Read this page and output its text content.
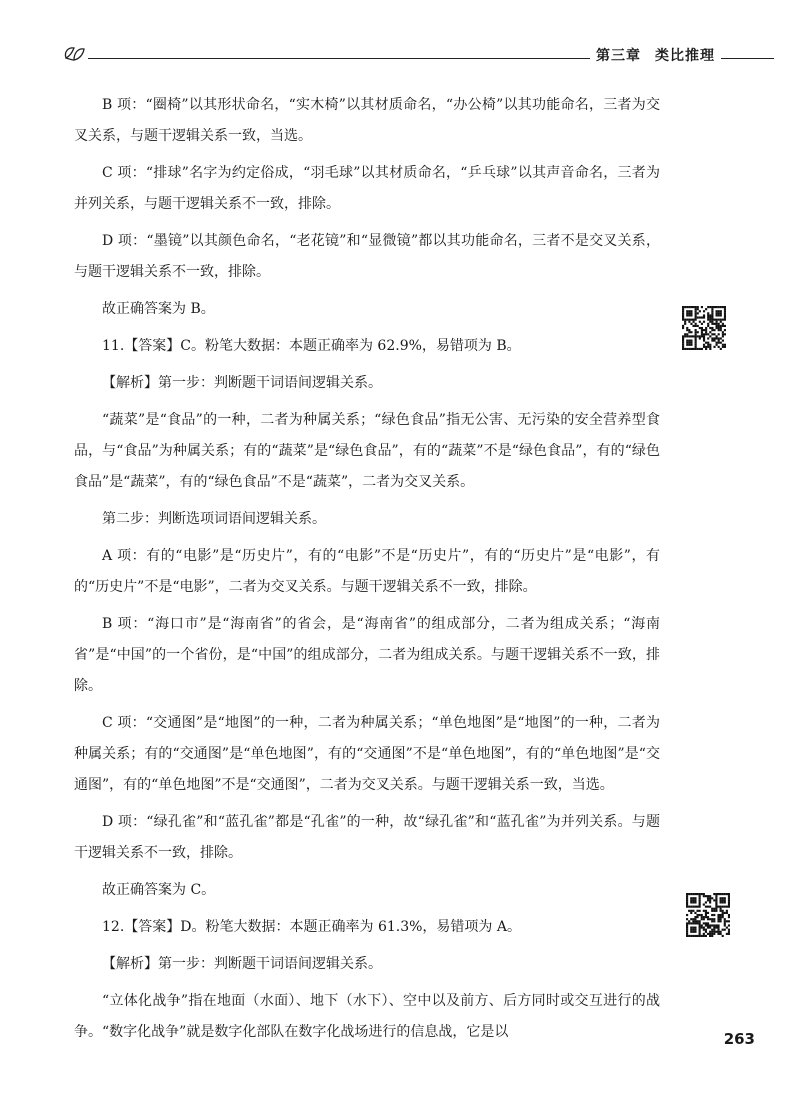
第三章 类比推理

B 项：“圈椅”以其形状命名，“实木椅”以其材质命名，“办公椅”以其功能命名，三者为交叉关系，与题干逻辑关系一致，当选。

C 项：“排球”名字为约定俗成，“羽毛球”以其材质命名，“乒乓球”以其声音命名，三者为并列关系，与题干逻辑关系不一致，排除。

D 项：“墨镜”以其颜色命名，“老花镜”和“显微镜”都以其功能命名，三者不是交叉关系，与题干逻辑关系不一致，排除。

故正确答案为 B。

11.【答案】C。粉笔大数据：本题正确率为 62.9%，易错项为 B。

【解析】第一步：判断题干词语间逻辑关系。

“蔬菜”是“食品”的一种，二者为种属关系；“绿色食品”指无公害、无污染的安全营养型食品，与“食品”为种属关系；有的“蔬菜”是“绿色食品”，有的“蔬菜”不是“绿色食品”，有的“绿色食品”是“蔬菜”，有的“绿色食品”不是“蔬菜”，二者为交叉关系。

第二步：判断选项词语间逻辑关系。

A 项：有的“电影”是“历史片”，有的“电影”不是“历史片”，有的“历史片”是“电影”，有的“历史片”不是“电影”，二者为交叉关系。与题干逻辑关系不一致，排除。

B 项：“海口市”是“海南省”的省会，是“海南省”的组成部分，二者为组成关系；“海南省”是“中国”的一个省份，是“中国”的组成部分，二者为组成关系。与题干逻辑关系不一致，排除。

C 项：“交通图”是“地图”的一种，二者为种属关系；“单色地图”是“地图”的一种，二者为种属关系；有的“交通图”是“单色地图”，有的“交通图”不是“单色地图”，有的“单色地图”是“交通图”，有的“单色地图”不是“交通图”，二者为交叉关系。与题干逻辑关系一致，当选。

D 项：“绿孔雀”和“蓝孔雀”都是“孔雀”的一种，故“绿孔雀”和“蓝孔雀”为并列关系。与题干逻辑关系不一致，排除。

故正确答案为 C。

12.【答案】D。粉笔大数据：本题正确率为 61.3%，易错项为 A。

【解析】第一步：判断题干词语间逻辑关系。

“立体化战争”指在地面（水面）、地下（水下）、空中以及前方、后方同时或交互进行的战争。“数字化战争”就是数字化部队在数字化战场进行的信息战，它是以	263
